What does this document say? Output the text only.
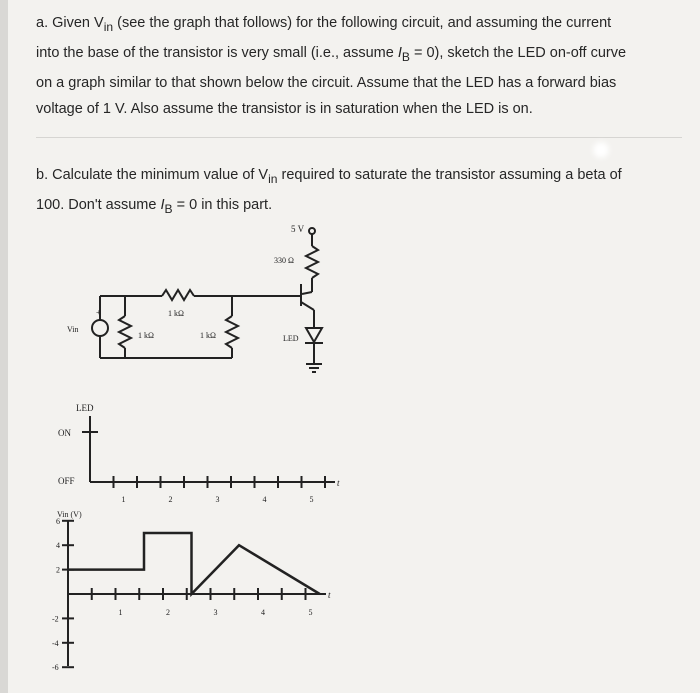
a. Given $V_{in}$ (see the graph that follows) for the following circuit, and assuming the current
into the base of the transistor is very small (i.e., assume $I_B = 0$), sketch the LED on-off curve
on a graph similar to that shown below the circuit. Assume that the LED has a forward bias
voltage of 1 V. Also assume the transistor is in saturation when the LED is on.
b. Calculate the minimum value of $V_{in}$ required to saturate the transistor assuming a beta of
100. Don't assume $I_B = 0$ in this part.
5 V
330 Ω
1 kΩ
1 kΩ	1 kΩ
Vin
+
LED
LED
ON
OFF	t
1	2	3	4	5
Vin (V)
t
6
4
2
-2
-4
-6
1	2	3	4	5
